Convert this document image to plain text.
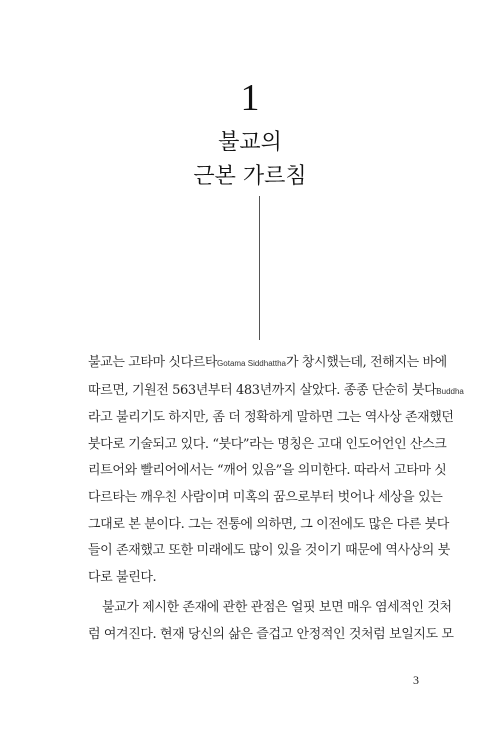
1
불교의
근본 가르침
불교는 고타마 싯다르타Gotama Siddhattha가 창시했는데, 전해지는 바에
따르면, 기원전 563년부터 483년까지 살았다. 종종 단순히 붓다Buddha
라고 불리기도 하지만, 좀 더 정확하게 말하면 그는 역사상 존재했던
붓다로 기술되고 있다. “붓다”라는 명칭은 고대 인도어언인 산스크
리트어와 빨리어에서는 “깨어 있음”을 의미한다. 따라서 고타마 싯
다르타는 깨우친 사람이며 미혹의 꿈으로부터 벗어나 세상을 있는
그대로 본 분이다. 그는 전통에 의하면, 그 이전에도 많은 다른 붓다
들이 존재했고 또한 미래에도 많이 있을 것이기 때문에 역사상의 붓
다로 불린다.
불교가 제시한 존재에 관한 관점은 얼핏 보면 매우 염세적인 것처
럼 여겨진다. 현재 당신의 삶은 즐겁고 안정적인 것처럼 보일지도 모
3
